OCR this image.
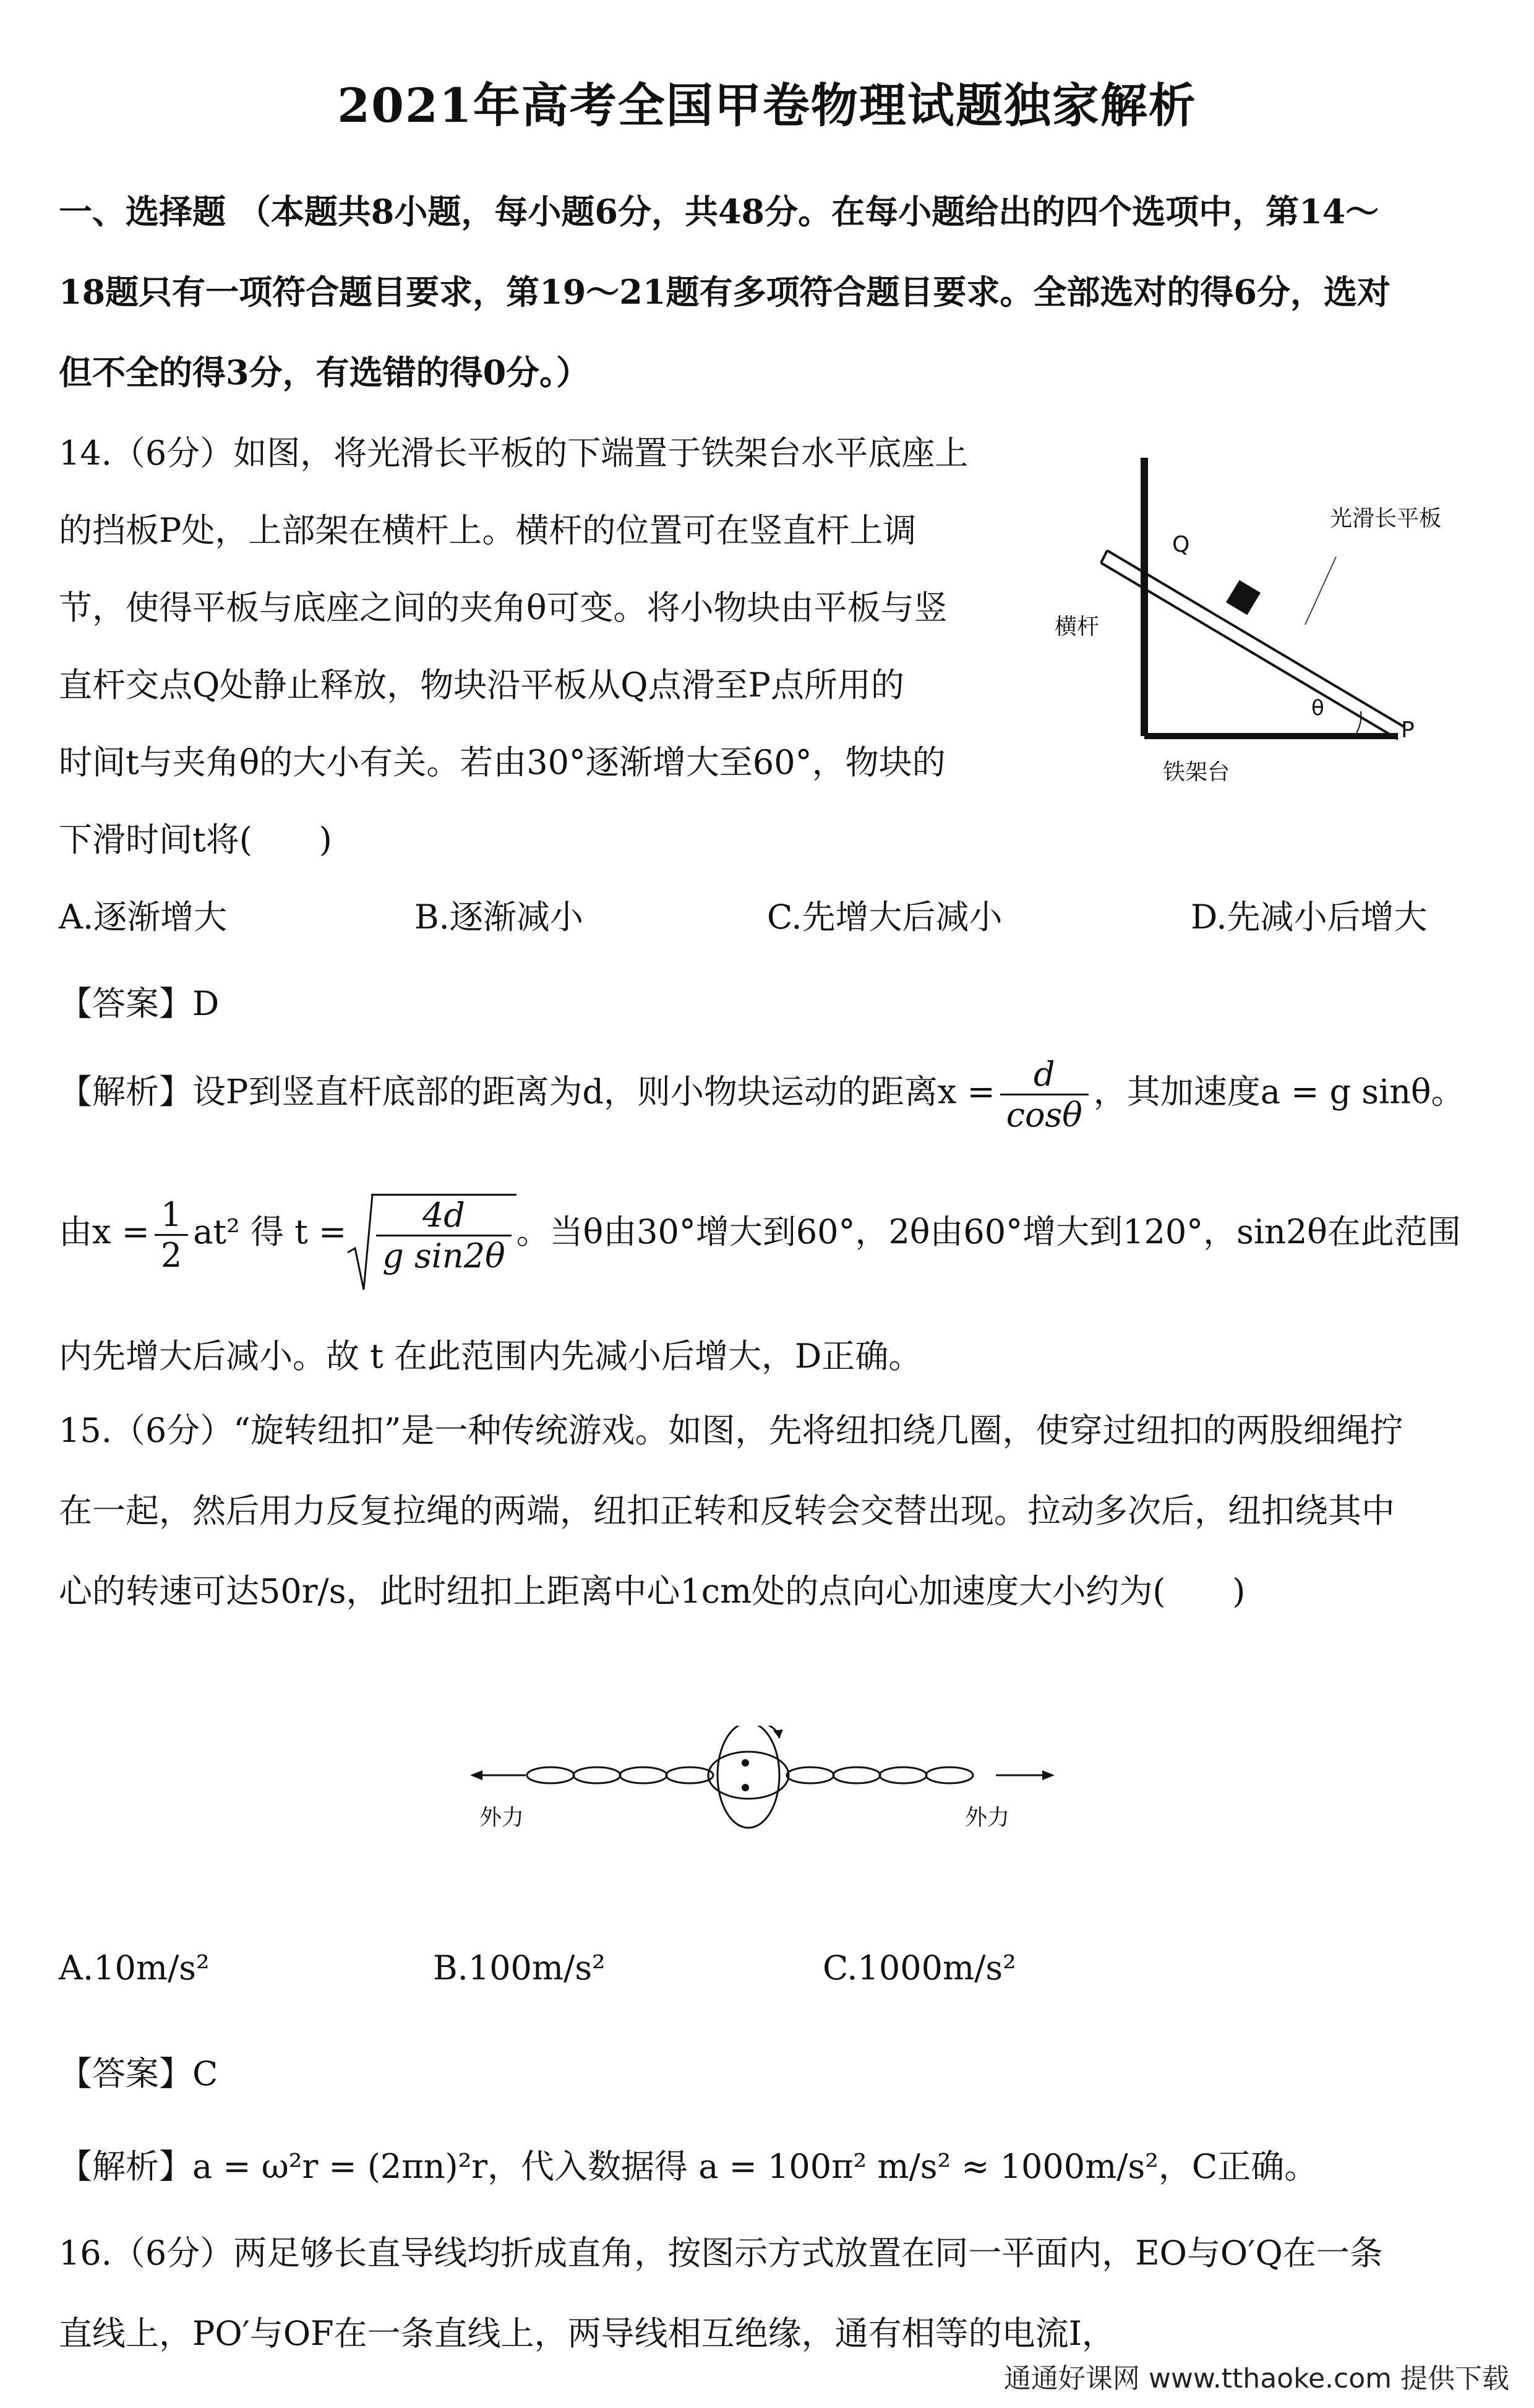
2021年高考全国甲卷物理试题独家解析
一、选择题 （本题共8小题，每小题6分，共48分。在每小题给出的四个选项中，第14～
18题只有一项符合题目要求，第19～21题有多项符合题目要求。全部选对的得6分，选对
但不全的得3分，有选错的得0分。）
14.（6分）如图，将光滑长平板的下端置于铁架台水平底座上
的挡板P处，上部架在横杆上。横杆的位置可在竖直杆上调
节，使得平板与底座之间的夹角θ可变。将小物块由平板与竖
直杆交点Q处静止释放，物块沿平板从Q点滑至P点所用的
时间t与夹角θ的大小有关。若由30°逐渐增大至60°，物块的
下滑时间t将(　　)
光滑长平板
横杆
铁架台
Q
P
θ
A.逐渐增大	B.逐渐减小	C.先增大后减小	D.先减小后增大
【答案】D
【解析】设P到竖直杆底部的距离为d，则小物块运动的距离$x = \frac{d}{\cos\theta}$ ，其加速度a = g sinθ。
由$x = \frac{1}{2} at^2$ 得 $t = \frac{4d}{\text{g sin2θ}}$ 。当θ由30°增大到60°，2θ由60°增大到120°，sin2θ在此范围
内先增大后减小。故 t 在此范围内先减小后增大，D正确。
15.（6分）“旋转纽扣”是一种传统游戏。如图，先将纽扣绕几圈，使穿过纽扣的两股细绳拧
在一起，然后用力反复拉绳的两端，纽扣正转和反转会交替出现。拉动多次后，纽扣绕其中
心的转速可达50r/s，此时纽扣上距离中心1cm处的点向心加速度大小约为(　　)
外力	外力
A.10m/s²	B.100m/s²	C.1000m/s²
【答案】C
【解析】a = ω²r = (2πn)²r，代入数据得 a = 100π² m/s² ≈ 1000m/s²，C正确。
16.（6分）两足够长直导线均折成直角，按图示方式放置在同一平面内，EO与O′Q在一条
直线上，PO′与OF在一条直线上，两导线相互绝缘，通有相等的电流I，
通通好课网 www.tthaoke.com 提供下载
